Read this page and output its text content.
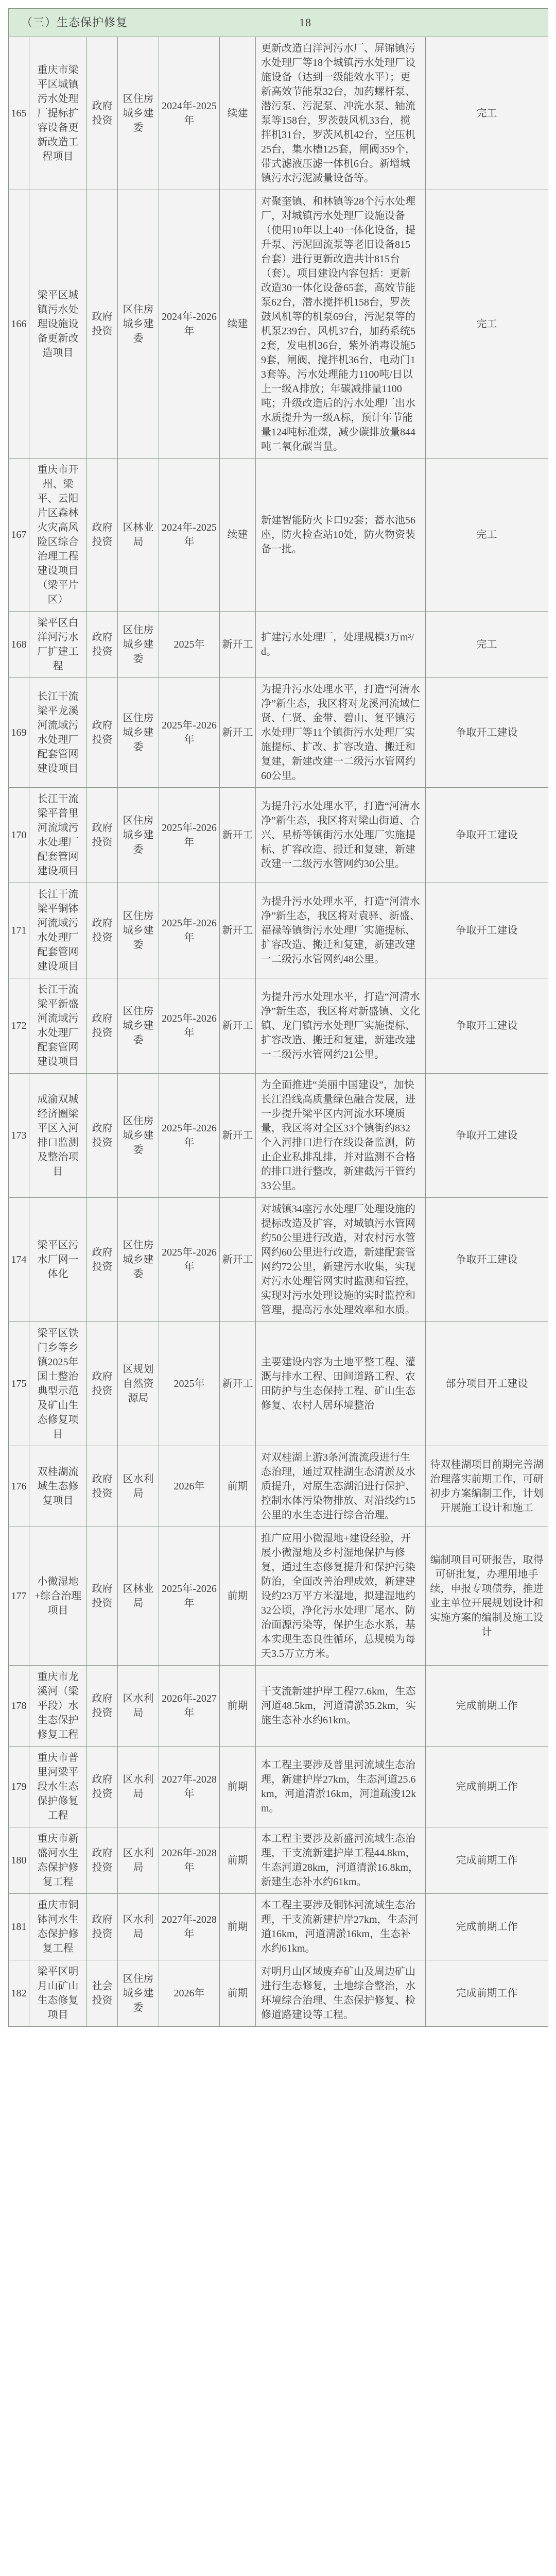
（三）生态保护修复 18							
165	重庆市梁平区城镇污水处理厂提标扩容设备更新改造工程项目	政府投资	区住房城乡建委	2024年-2025年	续建	更新改造白洋河污水厂、屏锦镇污水处理厂等18个城镇污水处理厂设施设备（达到一级能效水平）；更新高效节能泵32台，加药螺杆泵、潜污泵、污泥泵、冲洗水泵、轴流泵等158台，罗茨鼓风机33台，搅拌机31台，罗茨风机42台，空压机25台，集水槽125套，闸阀359个，带式滤液压滤一体机6台。新增城镇污水污泥减量设备等。	完工
166	梁平区城镇污水处理设施设备更新改造项目	政府投资	区住房城乡建委	2024年-2026年	续建	对聚奎镇、和林镇等28个污水处理厂，对城镇污水处理厂设施设备（使用10年以上40一体化设备，提升泵、污泥回流泵等老旧设备815台套）进行更新改造共计815台（套）。项目建设内容包括：更新改造30一体化设备65套，高效节能泵62台，潜水搅拌机158台，罗茨鼓风机等的机泵69台，污泥泵等的机泵239台，风机37台，加药系统52套，发电机36台，紫外消毒设施59套，闸阀，搅拌机36台，电动门13套等。污水处理能力1100吨/日以上一级A排放；年碳减排量1100吨；升级改造后的污水处理厂出水水质提升为一级A标，预计年节能量124吨标准煤，减少碳排放量844吨二氧化碳当量。	完工
167	重庆市开州、梁平、云阳片区森林火灾高风险区综合治理工程建设项目（梁平片区）	政府投资	区林业局	2024年-2025年	续建	新建智能防火卡口92套；蓄水池56座，防火检查站10处，防火物资装备一批。	完工
168	梁平区白洋河污水厂扩建工程	政府投资	区住房城乡建委	2025年	新开工	扩建污水处理厂，处理规模3万m³/d。	完工
169	长江干流梁平龙溪河流域污水处理厂配套管网建设项目	政府投资	区住房城乡建委	2025年-2026年	新开工	为提升污水处理水平，打造“河清水净”新生态，我区将对龙溪河流域仁贤、仁贤、金带、碧山、复平镇污水处理厂等11个镇街污水处理厂实施提标、扩改、扩容改造、搬迁和复建，新建改建一二级污水管网约60公里。	争取开工建设
170	长江干流梁平普里河流域污水处理厂配套管网建设项目	政府投资	区住房城乡建委	2025年-2026年	新开工	为提升污水处理水平，打造“河清水净”新生态，我区将对梁山街道、合兴、星桥等镇街污水处理厂实施提标、扩容改造、搬迁和复建，新建改建一二级污水管网约30公里。	争取开工建设
171	长江干流梁平铜钵河流域污水处理厂配套管网建设项目	政府投资	区住房城乡建委	2025年-2026年	新开工	为提升污水处理水平，打造“河清水净”新生态，我区将对袁驿、新盛、福禄等镇街污水处理厂实施提标、扩容改造、搬迁和复建，新建改建一二级污水管网约48公里。	争取开工建设
172	长江干流梁平新盛河流域污水处理厂配套管网建设项目	政府投资	区住房城乡建委	2025年-2026年	新开工	为提升污水处理水平，打造“河清水净”新生态，我区将对新盛镇、文化镇、龙门镇污水处理厂实施提标、扩容改造、搬迁和复建，新建改建一二级污水管网约21公里。	争取开工建设
173	成渝双城经济圈梁平区入河排口监测及整治项目	政府投资	区住房城乡建委	2025年-2026年	新开工	为全面推进“美丽中国建设”，加快长江沿线高质量绿色融合发展，进一步提升梁平区内河流水环境质量，我区将对全区33个镇街约832个入河排口进行在线设备监测，防止企业私排乱排，并对监测不合格的排口进行整改，新建截污干管约33公里。	争取开工建设
174	梁平区污水厂网一体化	政府投资	区住房城乡建委	2025年-2026年	新开工	对城镇34座污水处理厂处理设施的提标改造及扩容，对城镇污水管网约50公里进行改造，对农村污水管网约60公里进行改造，新建配套管网约72公里，新建污水收集，实现对污水处理管网实时监测和管控，实现对污水处理设施的实时监控和管理，提高污水处理效率和水质。	争取开工建设
175	梁平区铁门乡等乡镇2025年国土整治典型示范及矿山生态修复项目	政府投资	区规划自然资源局	2025年	新开工	主要建设内容为土地平整工程、灌溉与排水工程、田间道路工程、农田防护与生态保持工程、矿山生态修复、农村人居环境整治	部分项目开工建设
176	双桂湖流域生态修复项目	政府投资	区水利局	2026年	前期	对双桂湖上游3条河流流段进行生态治理，通过双桂湖生态清淤及水质提升，对原生态湖泊进行保护、控制水体污染物排放、对沿线约15公里的水生态进行综合治理。	待双桂湖项目前期完善湖治理落实前期工作，可研初步方案编制工作，计划开展施工设计和施工
177	小微湿地+综合治理项目	政府投资	区林业局	2025年-2026年	前期	推广应用小微湿地+建设经验，开展小微湿地及乡村湿地保护与修复，通过生态修复提升和保护污染防治，全面改善治理成效，新建建设约23万平方米湿地，拟建湿地约32公顷，净化污水处理厂尾水、防治面源污染等，保护生态水系，基本实现生态良性循环，总规模为每天3.5万立方米。	编制项目可研报告，取得可研批复，办理用地手续，申报专项债券，推进业主单位开展规划设计和实施方案的编制及施工设计
178	重庆市龙溪河（梁平段）水生态保护修复工程	政府投资	区水利局	2026年-2027年	前期	干支流新建护岸工程77.6km，生态河道48.5km，河道清淤35.2km，实施生态补水约61km。	完成前期工作
179	重庆市普里河梁平段水生态保护修复工程	政府投资	区水利局	2027年-2028年	前期	本工程主要涉及普里河流域生态治理，新建护岸27km，生态河道25.6km，河道清淤16km，河道疏浚12km。	完成前期工作
180	重庆市新盛河水生态保护修复工程	政府投资	区水利局	2026年-2028年	前期	本工程主要涉及新盛河流域生态治理，干支流新建护岸工程44.8km，生态河道28km，河道清淤16.8km，新建生态补水约61km。	完成前期工作
181	重庆市铜钵河水生态保护修复工程	政府投资	区水利局	2027年-2028年	前期	本工程主要涉及铜钵河流域生态治理，干支流新建护岸27km，生态河道16km，河道清淤16km，生态补水约61km。	完成前期工作
182	梁平区明月山矿山生态修复项目	社会投资	区住房城乡建委	2026年	前期	对明月山区域废弃矿山及周边矿山进行生态修复，土地综合整治，水环境综合治理、生态保护修复、检修道路建设等工程。	完成前期工作
